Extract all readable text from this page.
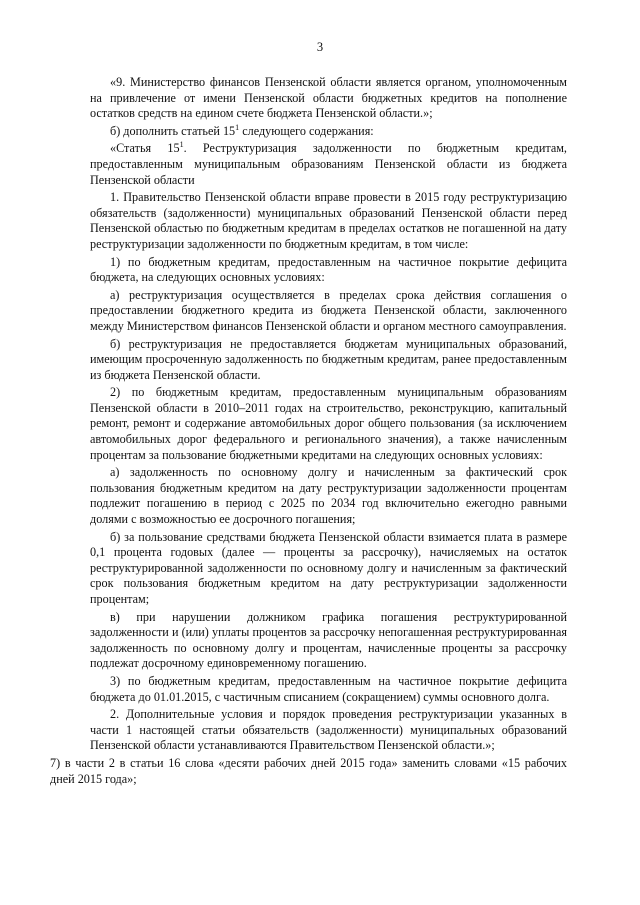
3

«9. Министерство финансов Пензенской области является органом, уполномоченным на привлечение от имени Пензенской области бюджетных кредитов на пополнение остатков средств на едином счете бюджета Пензенской области.»;

б) дополнить статьей $15^1$ следующего содержания:

«Статья $15^1$. Реструктуризация задолженности по бюджетным кредитам, предоставленным муниципальным образованиям Пензенской области из бюджета Пензенской области

1. Правительство Пензенской области вправе провести в 2015 году реструктуризацию обязательств (задолженности) муниципальных образований Пензенской области перед Пензенской областью по бюджетным кредитам в пределах остатков не погашенной на дату реструктуризации задолженности по бюджетным кредитам, в том числе:

1) по бюджетным кредитам, предоставленным на частичное покрытие дефицита бюджета, на следующих основных условиях:

а) реструктуризация осуществляется в пределах срока действия соглашения о предоставлении бюджетного кредита из бюджета Пензенской области, заключенного между Министерством финансов Пензенской области и органом местного самоуправления.

б) реструктуризация не предоставляется бюджетам муниципальных образований, имеющим просроченную задолженность по бюджетным кредитам, ранее предоставленным из бюджета Пензенской области.

2) по бюджетным кредитам, предоставленным муниципальным образованиям Пензенской области в 2010–2011 годах на строительство, реконструкцию, капитальный ремонт, ремонт и содержание автомобильных дорог общего пользования (за исключением автомобильных дорог федерального и регионального значения), а также начисленным процентам за пользование бюджетными кредитами на следующих основных условиях:

а) задолженность по основному долгу и начисленным за фактический срок пользования бюджетным кредитом на дату реструктуризации задолженности процентам подлежит погашению в период с 2025 по 2034 год включительно ежегодно равными долями с возможностью ее досрочного погашения;

б) за пользование средствами бюджета Пензенской области взимается плата в размере 0,1 процента годовых (далее — проценты за рассрочку), начисляемых на остаток реструктурированной задолженности по основному долгу и начисленным за фактический срок пользования бюджетным кредитом на дату реструктуризации задолженности процентам;

в) при нарушении должником графика погашения реструктурированной задолженности и (или) уплаты процентов за рассрочку непогашенная реструктурированная задолженность по основному долгу и процентам, начисленные проценты за рассрочку подлежат досрочному единовременному погашению.

3) по бюджетным кредитам, предоставленным на частичное покрытие дефицита бюджета до 01.01.2015, с частичным списанием (сокращением) суммы основного долга.

2. Дополнительные условия и порядок проведения реструктуризации указанных в части 1 настоящей статьи обязательств (задолженности) муниципальных образований Пензенской области устанавливаются Правительством Пензенской области.»;

7) в части 2 в статьи 16 слова «десяти рабочих дней 2015 года» заменить словами «15 рабочих дней 2015 года»;
